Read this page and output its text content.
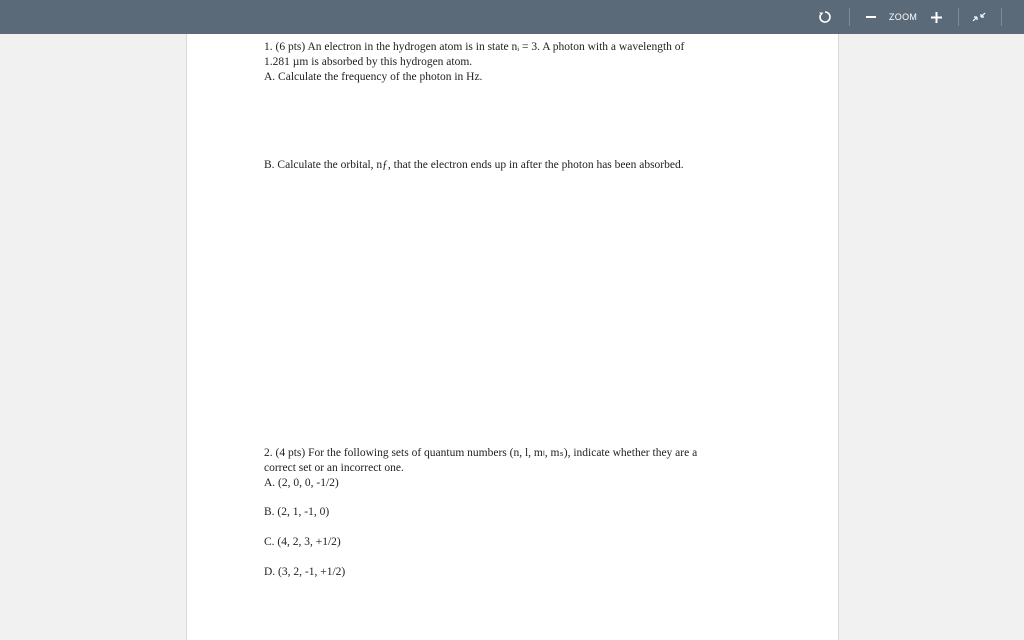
ZOOM
1. (6 pts) An electron in the hydrogen atom is in state nᵢ = 3. A photon with a wavelength of
1.281 µm is absorbed by this hydrogen atom.
A. Calculate the frequency of the photon in Hz.
B. Calculate the orbital, nƒ, that the electron ends up in after the photon has been absorbed.
2. (4 pts) For the following sets of quantum numbers (n, l, mₗ, mₛ), indicate whether they are a
correct set or an incorrect one.
A. (2, 0, 0, -1/2)
B. (2, 1, -1, 0)
C. (4, 2, 3, +1/2)
D. (3, 2, -1, +1/2)
